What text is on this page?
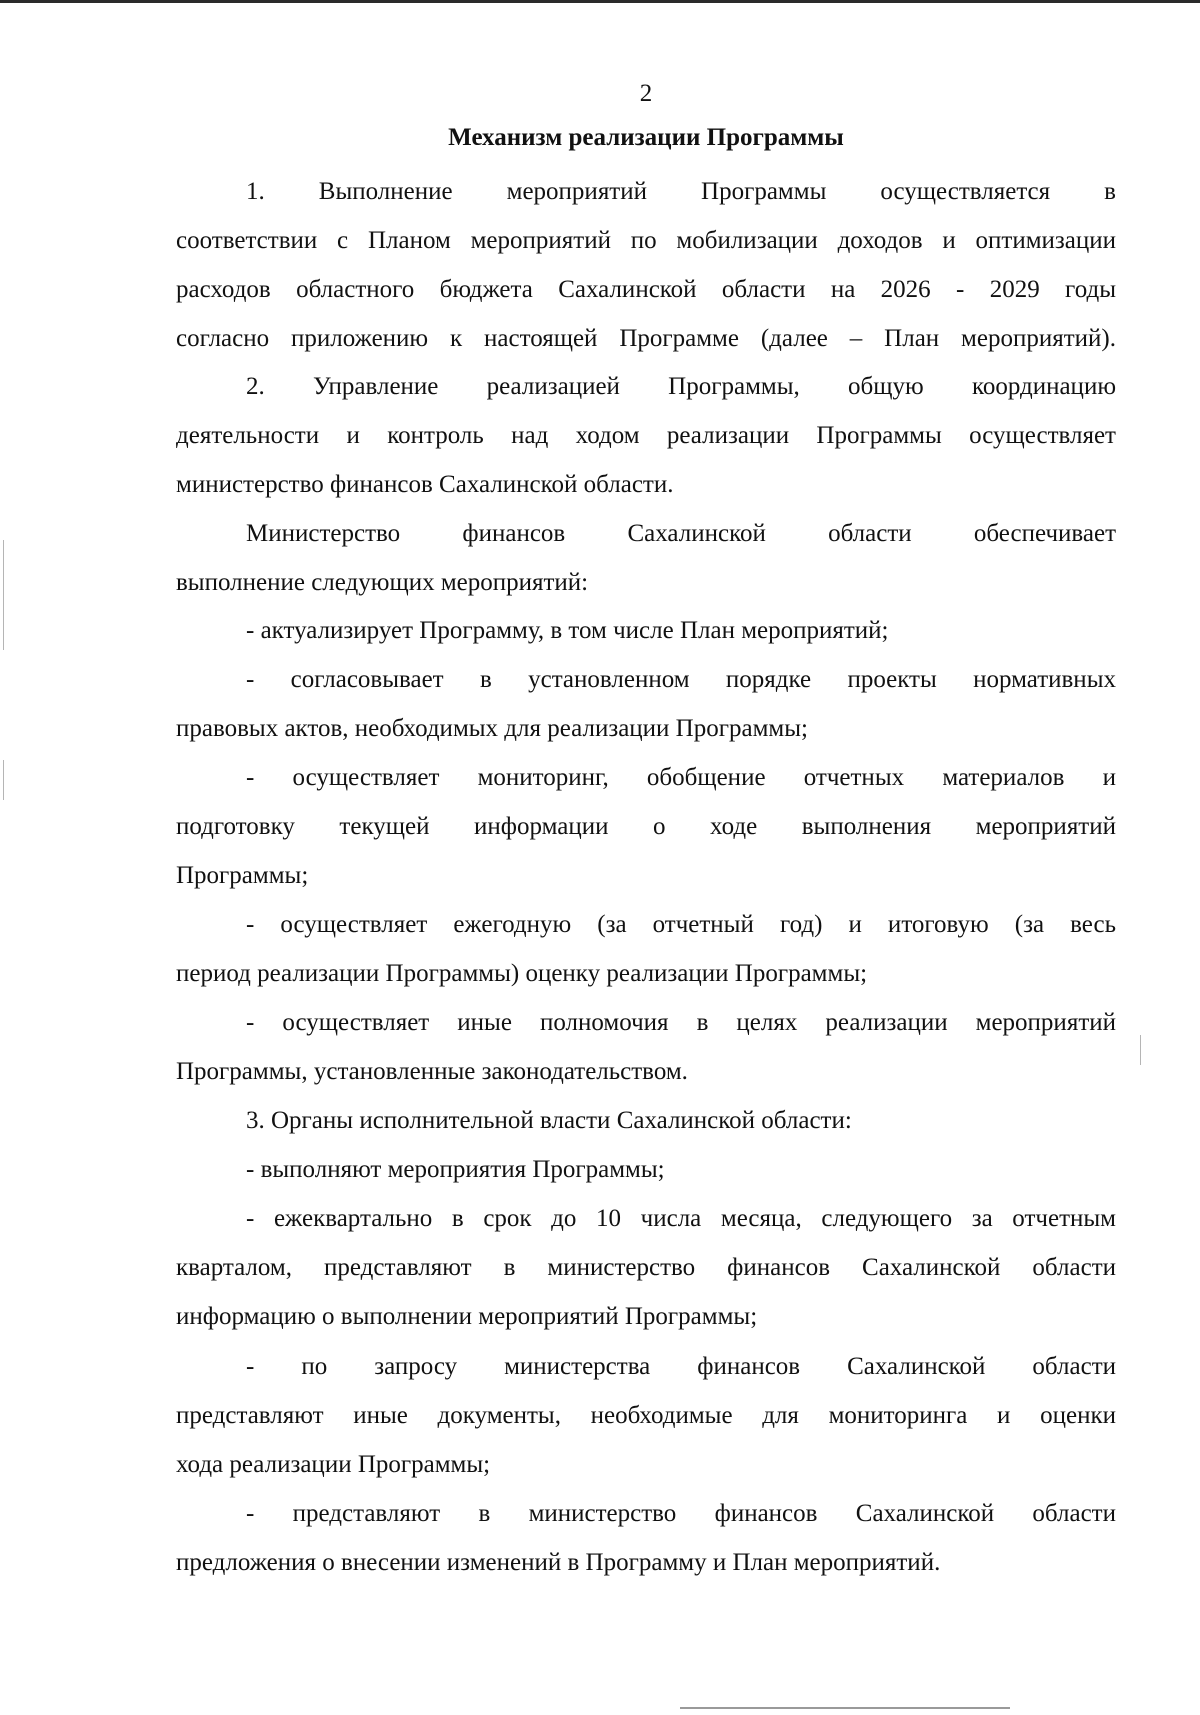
2
Механизм реализации Программы
1. Выполнение мероприятий Программы осуществляется в
соответствии с Планом мероприятий по мобилизации доходов и оптимизации
расходов областного бюджета Сахалинской области на 2026 - 2029 годы
согласно приложению к настоящей Программе (далее – План мероприятий).
2. Управление реализацией Программы, общую координацию
деятельности и контроль над ходом реализации Программы осуществляет
министерство финансов Сахалинской области.
Министерство финансов Сахалинской области обеспечивает
выполнение следующих мероприятий:
- актуализирует Программу, в том числе План мероприятий;
- согласовывает в установленном порядке проекты нормативных
правовых актов, необходимых для реализации Программы;
- осуществляет мониторинг, обобщение отчетных материалов и
подготовку текущей информации о ходе выполнения мероприятий
Программы;
- осуществляет ежегодную (за отчетный год) и итоговую (за весь
период реализации Программы) оценку реализации Программы;
- осуществляет иные полномочия в целях реализации мероприятий
Программы, установленные законодательством.
3. Органы исполнительной власти Сахалинской области:
- выполняют мероприятия Программы;
- ежеквартально в срок до 10 числа месяца, следующего за отчетным
кварталом, представляют в министерство финансов Сахалинской области
информацию о выполнении мероприятий Программы;
- по запросу министерства финансов Сахалинской области
представляют иные документы, необходимые для мониторинга и оценки
хода реализации Программы;
- представляют в министерство финансов Сахалинской области
предложения о внесении изменений в Программу и План мероприятий.
